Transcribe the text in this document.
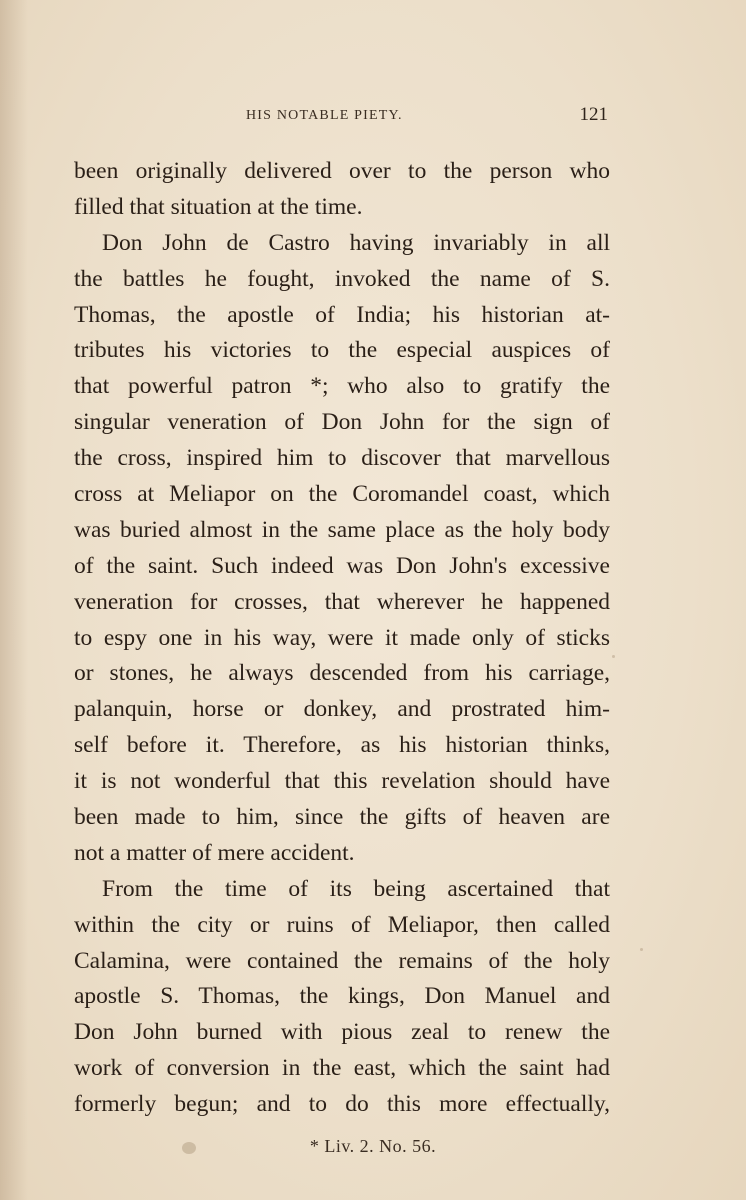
HIS NOTABLE PIETY.	121
been originally delivered over to the person who
filled that situation at the time.
Don John de Castro having invariably in all
the battles he fought, invoked the name of S.
Thomas, the apostle of India; his historian at-
tributes his victories to the especial auspices of
that powerful patron *; who also to gratify the
singular veneration of Don John for the sign of
the cross, inspired him to discover that marvellous
cross at Meliapor on the Coromandel coast, which
was buried almost in the same place as the holy body
of the saint. Such indeed was Don John's excessive
veneration for crosses, that wherever he happened
to espy one in his way, were it made only of sticks
or stones, he always descended from his carriage,
palanquin, horse or donkey, and prostrated him-
self before it. Therefore, as his historian thinks,
it is not wonderful that this revelation should have
been made to him, since the gifts of heaven are
not a matter of mere accident.
From the time of its being ascertained that
within the city or ruins of Meliapor, then called
Calamina, were contained the remains of the holy
apostle S. Thomas, the kings, Don Manuel and
Don John burned with pious zeal to renew the
work of conversion in the east, which the saint had
formerly begun; and to do this more effectually,
* Liv. 2. No. 56.
